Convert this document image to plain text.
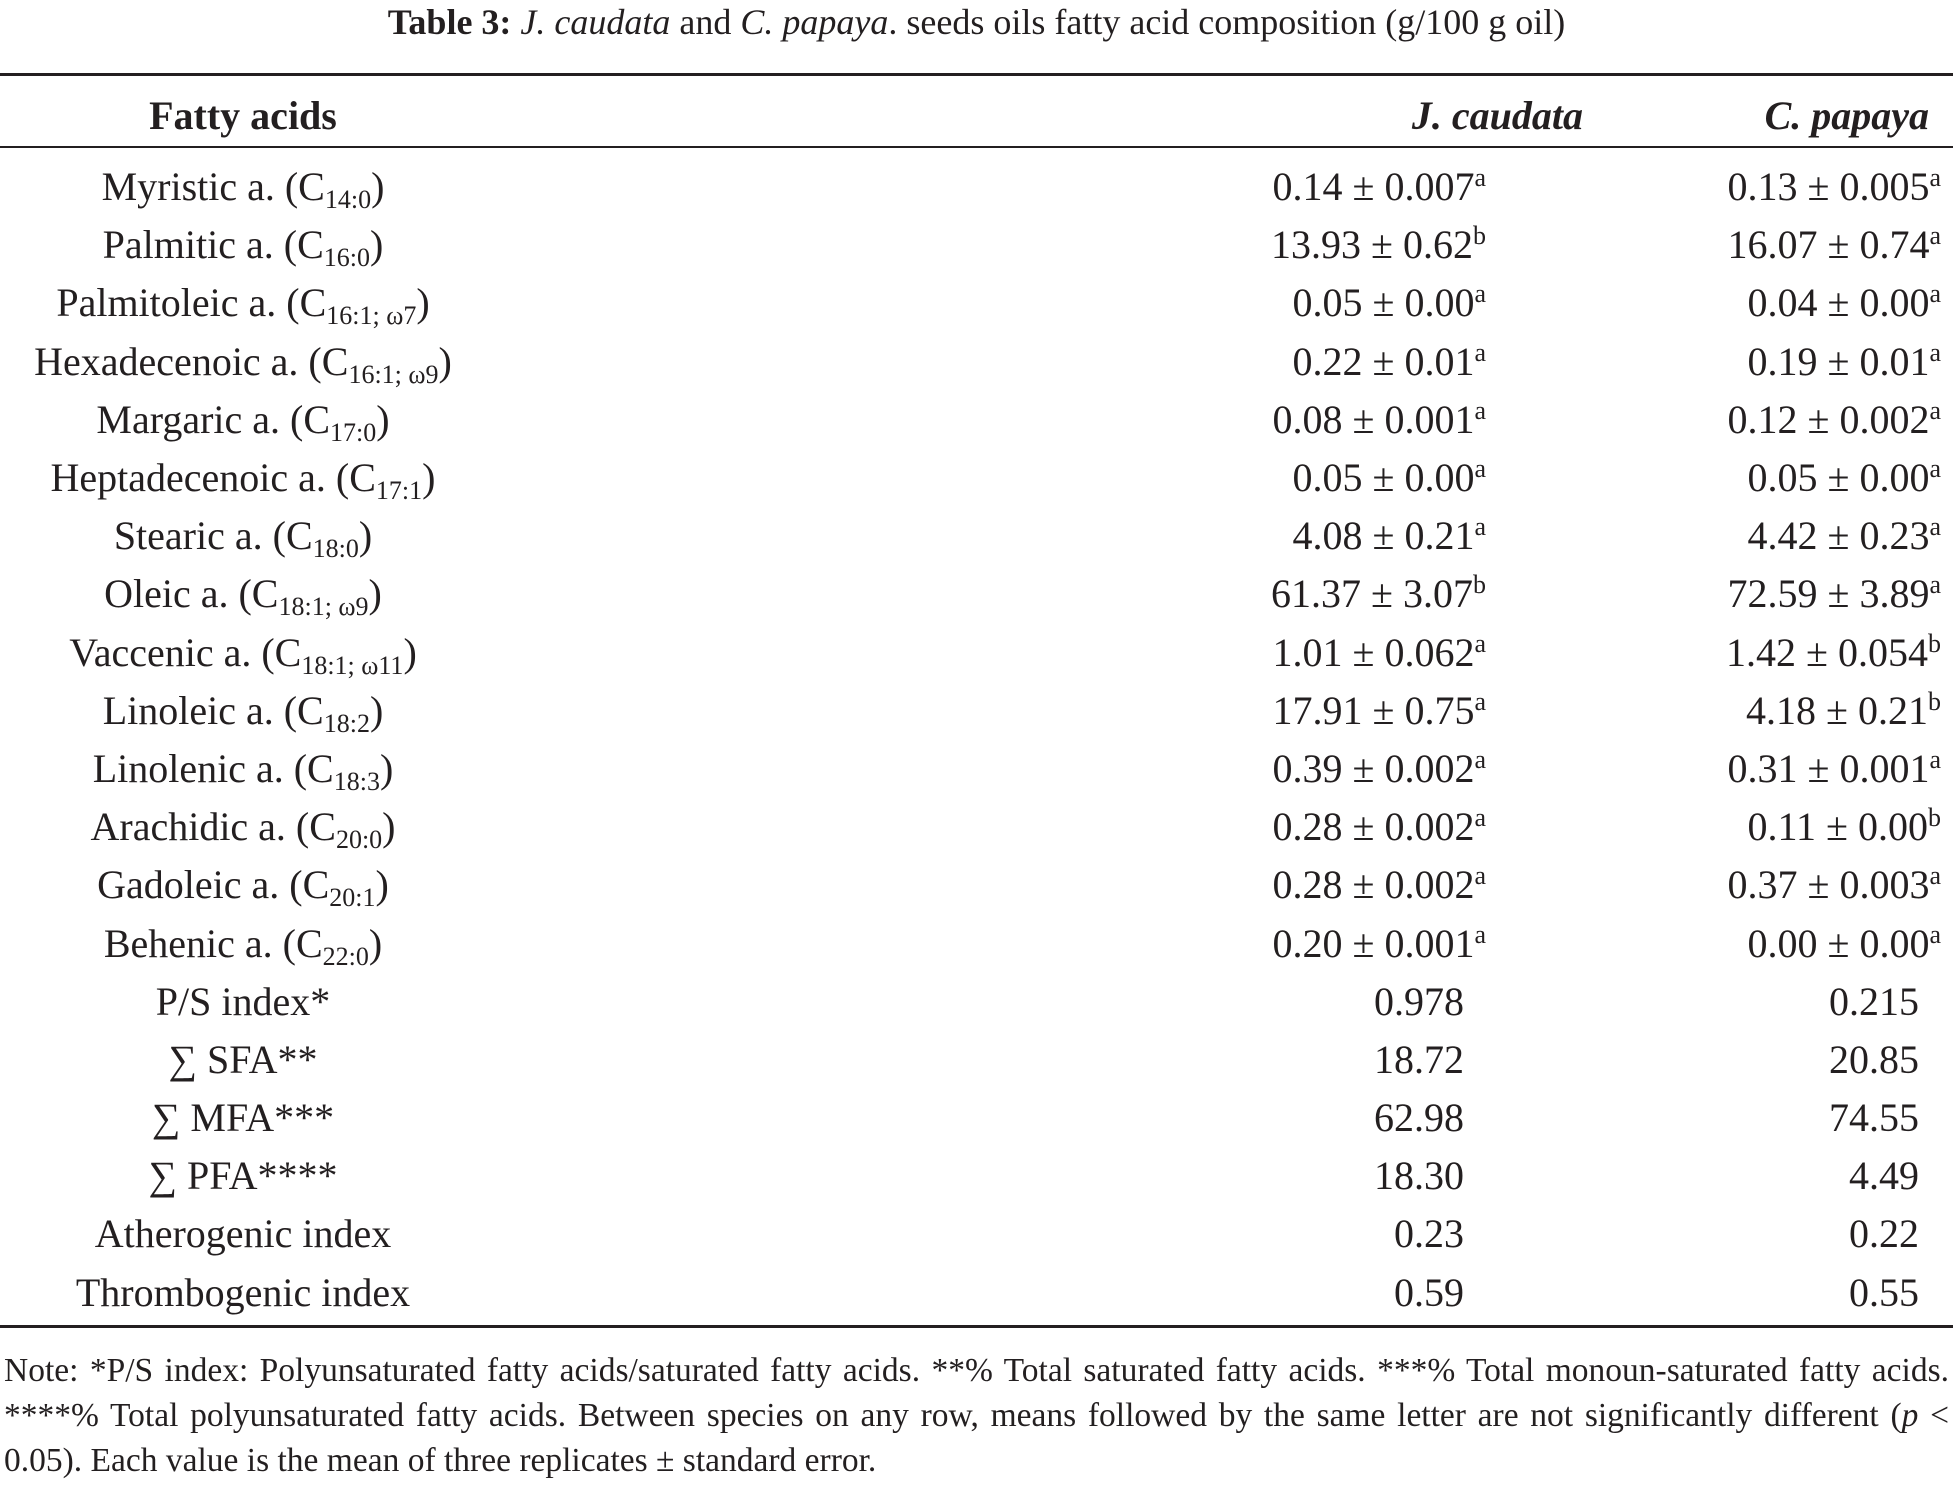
Table 3: J. caudata and C. papaya. seeds oils fatty acid composition (g/100 g oil)
Fatty acids	J. caudata	C. papaya

Myristic a. $(C_{14:0})$	0.14 ± 0.007$^a$	0.13 ± 0.005$^a$
Palmitic a. $(C_{16:0})$	13.93 ± 0.62$^b$	16.07 ± 0.74$^a$
Palmitoleic a. $(C_{16:1; \omega 7})$	0.05 ± 0.00$^a$	0.04 ± 0.00$^a$
Hexadecenoic a. $(C_{16:1; \omega 9})$	0.22 ± 0.01$^a$	0.19 ± 0.01$^a$
Margaric a. $(C_{17:0})$	0.08 ± 0.001$^a$	0.12 ± 0.002$^a$
Heptadecenoic a. $(C_{17:1})$	0.05 ± 0.00$^a$	0.05 ± 0.00$^a$
Stearic a. $(C_{18:0})$	4.08 ± 0.21$^a$	4.42 ± 0.23$^a$
Oleic a. $(C_{18:1; \omega 9})$	61.37 ± 3.07$^b$	72.59 ± 3.89$^a$
Vaccenic a. $(C_{18:1; \omega 11})$	1.01 ± 0.062$^a$	1.42 ± 0.054$^b$
Linoleic a. $(C_{18:2})$	17.91 ± 0.75$^a$	4.18 ± 0.21$^b$
Linolenic a. $(C_{18:3})$	0.39 ± 0.002$^a$	0.31 ± 0.001$^a$
Arachidic a. $(C_{20:0})$	0.28 ± 0.002$^a$	0.11 ± 0.00$^b$
Gadoleic a. $(C_{20:1})$	0.28 ± 0.002$^a$	0.37 ± 0.003$^a$
Behenic a. $(C_{22:0})$	0.20 ± 0.001$^a$	0.00 ± 0.00$^a$
P/S index*	0.978	0.215
∑ SFA**	18.72	20.85
∑ MFA***	62.98	74.55
∑ PFA****	18.30	4.49
Atherogenic index	0.23	0.22
Thrombogenic index	0.59	0.55
Note: *P/S index: Polyunsaturated fatty acids/saturated fatty acids. **% Total saturated fatty acids. ***% Total monoun-saturated fatty acids. ****% Total polyunsaturated fatty acids. Between species on any row, means followed by the same letter are not significantly different (p < 0.05). Each value is the mean of three replicates ± standard error.
